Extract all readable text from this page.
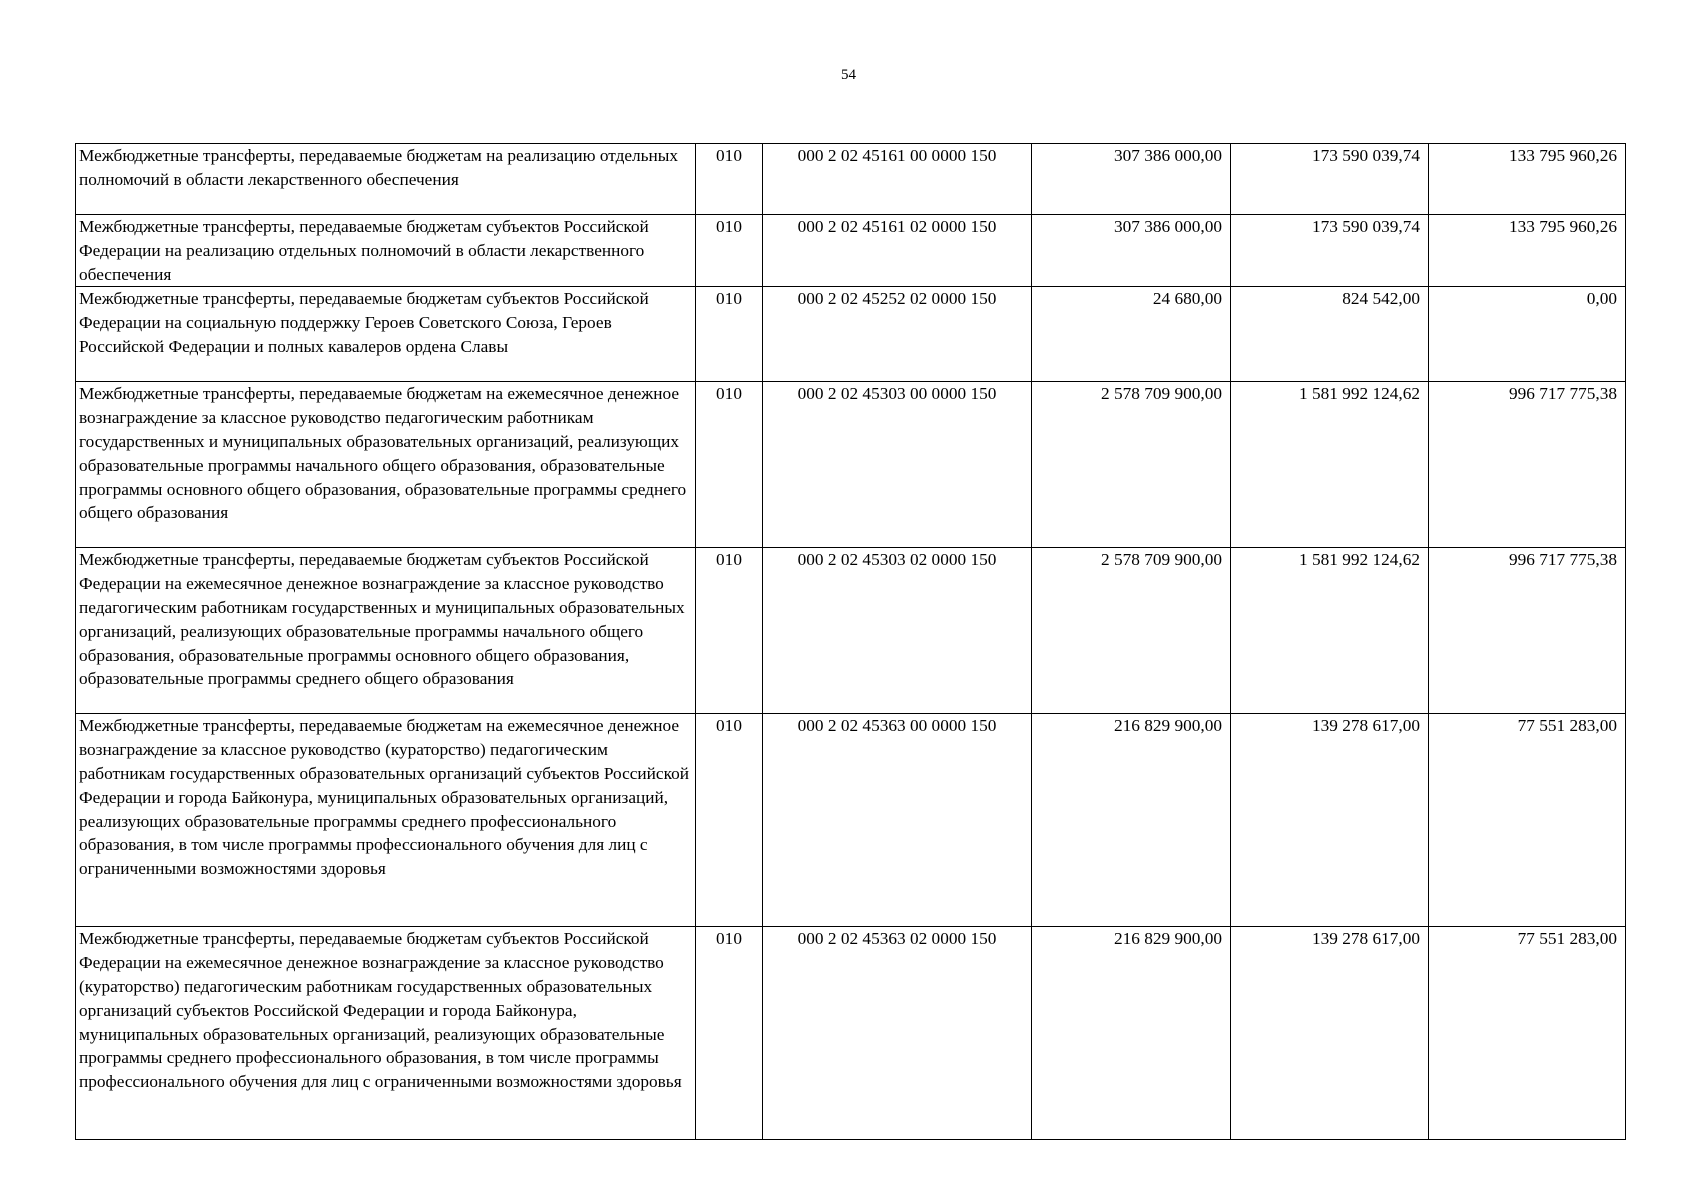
54
Межбюджетные трансферты, передаваемые бюджетам на реализацию отдельных полномочий в области лекарственного обеспечения	010	000 2 02 45161 00 0000 150	307 386 000,00	173 590 039,74	133 795 960,26
Межбюджетные трансферты, передаваемые бюджетам субъектов Российской Федерации на реализацию отдельных полномочий в области лекарственного обеспечения	010	000 2 02 45161 02 0000 150	307 386 000,00	173 590 039,74	133 795 960,26
Межбюджетные трансферты, передаваемые бюджетам субъектов Российской Федерации на социальную поддержку Героев Советского Союза, Героев Российской Федерации и полных кавалеров ордена Славы	010	000 2 02 45252 02 0000 150	24 680,00	824 542,00	0,00
Межбюджетные трансферты, передаваемые бюджетам на ежемесячное денежное вознаграждение за классное руководство педагогическим работникам государственных и муниципальных образовательных организаций, реализующих образовательные программы начального общего образования, образовательные программы основного общего образования, образовательные программы среднего общего образования	010	000 2 02 45303 00 0000 150	2 578 709 900,00	1 581 992 124,62	996 717 775,38
Межбюджетные трансферты, передаваемые бюджетам субъектов Российской Федерации на ежемесячное денежное вознаграждение за классное руководство педагогическим работникам государственных и муниципальных образовательных организаций, реализующих образовательные программы начального общего образования, образовательные программы основного общего образования, образовательные программы среднего общего образования	010	000 2 02 45303 02 0000 150	2 578 709 900,00	1 581 992 124,62	996 717 775,38
Межбюджетные трансферты, передаваемые бюджетам на ежемесячное денежное вознаграждение за классное руководство (кураторство) педагогическим работникам государственных образовательных организаций субъектов Российской Федерации и города Байконура, муниципальных образовательных организаций, реализующих образовательные программы среднего профессионального образования, в том числе программы профессионального обучения для лиц с ограниченными возможностями здоровья	010	000 2 02 45363 00 0000 150	216 829 900,00	139 278 617,00	77 551 283,00
Межбюджетные трансферты, передаваемые бюджетам субъектов Российской Федерации на ежемесячное денежное вознаграждение за классное руководство (кураторство) педагогическим работникам государственных образовательных организаций субъектов Российской Федерации и города Байконура, муниципальных образовательных организаций, реализующих образовательные программы среднего профессионального образования, в том числе программы профессионального обучения для лиц с ограниченными возможностями здоровья	010	000 2 02 45363 02 0000 150	216 829 900,00	139 278 617,00	77 551 283,00
